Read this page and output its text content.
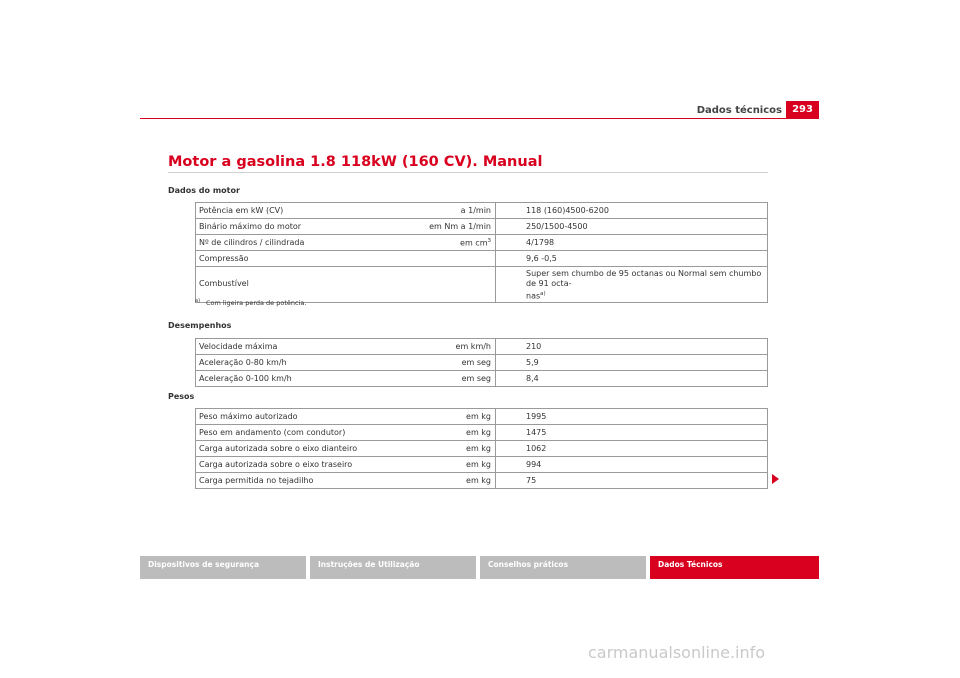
Dados técnicos	293
Motor a gasolina 1.8 118kW (160 CV). Manual
Dados do motor
Potência em kW (CV)	a 1/min	118 (160)4500-6200
Binário máximo do motor	em Nm a 1/min	250/1500-4500
Nº de cilindros / cilindrada	em $cm^3$	4/1798
Compressão		9,6 -0,5
Combustível		Super sem chumbo de 95 octanas ou Normal sem chumbo de 91 octa-
nas$^{a)}$
$^{a)}$ Com ligeira perda de potência.
Desempenhos
Velocidade máxima	em km/h	210
Aceleração 0-80 km/h	em seg	5,9
Aceleração 0-100 km/h	em seg	8,4
Pesos
Peso máximo autorizado	em kg	1995
Peso em andamento (com condutor)	em kg	1475
Carga autorizada sobre o eixo dianteiro	em kg	1062
Carga autorizada sobre o eixo traseiro	em kg	994
Carga permitida no tejadilho	em kg	75
Dispositivos de segurança	Instruções de Utilização	Conselhos práticos	Dados Técnicos
carmanualsonline.info
